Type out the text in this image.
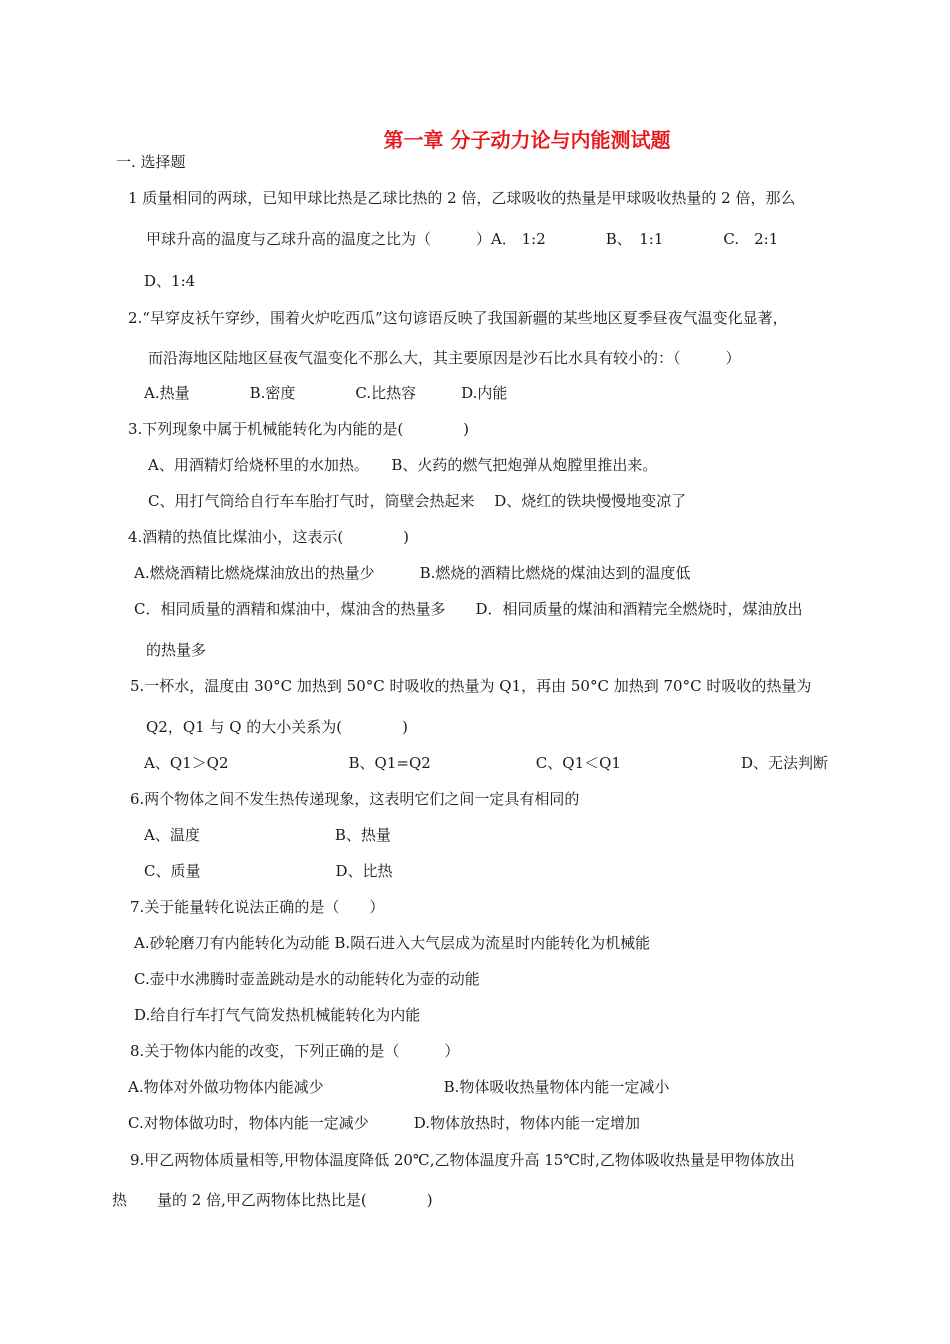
第一章 分子动力论与内能测试题
一. 选择题
1 质量相同的两球，已知甲球比热是乙球比热的 2 倍，乙球吸收的热量是甲球吸收热量的 2 倍，那么
甲球升高的温度与乙球升高的温度之比为（　　　）A． 1:2　　　　B、　1:1　　　　C.　2:1
D、1:4
2.“早穿皮袄午穿纱，围着火炉吃西瓜”这句谚语反映了我国新疆的某些地区夏季昼夜气温变化显著，
而沿海地区陆地区昼夜气温变化不那么大，其主要原因是沙石比水具有较小的：（　　　）
A.热量　　　　B.密度　　　　C.比热容　　　D.内能
3.下列现象中属于机械能转化为内能的是(　　　　)
A、用酒精灯给烧杯里的水加热。　　B、火药的燃气把炮弹从炮膛里推出来。
C、用打气筒给自行车车胎打气时，筒壁会热起来　 D、烧红的铁块慢慢地变凉了
4.酒精的热值比煤油小，这表示(　　　　)
A.燃烧酒精比燃烧煤油放出的热量少　　　B.燃烧的酒精比燃烧的煤油达到的温度低
C．相同质量的酒精和煤油中，煤油含的热量多　　D．相同质量的煤油和酒精完全燃烧时，煤油放出
的热量多
5.一杯水，温度由 30°C 加热到 50°C 时吸收的热量为 Q1，再由 50°C 加热到 70°C 时吸收的热量为
Q2，Q1 与 Q 的大小关系为(　　　　)
A、Q1＞Q2　　　　　　　　B、Q1=Q2　　　　　　　C、Q1＜Q1　　　　　　　　D、无法判断
6.两个物体之间不发生热传递现象，这表明它们之间一定具有相同的
A、温度　　　　　　　　　B、热量
C、质量　　　　　　　　　D、比热
7.关于能量转化说法正确的是（　　）
A.砂轮磨刀有内能转化为动能 B.陨石进入大气层成为流星时内能转化为机械能
C.壶中水沸腾时壶盖跳动是水的动能转化为壶的动能
D.给自行车打气气筒发热机械能转化为内能
8.关于物体内能的改变，下列正确的是（　　　）
A.物体对外做功物体内能减少　　　　　　　　B.物体吸收热量物体内能一定减小
C.对物体做功时，物体内能一定减少　　　D.物体放热时，物体内能一定增加
9.甲乙两物体质量相等,甲物体温度降低 20℃,乙物体温度升高 15℃时,乙物体吸收热量是甲物体放出
热　　量的 2 倍,甲乙两物体比热比是(　　　　)
